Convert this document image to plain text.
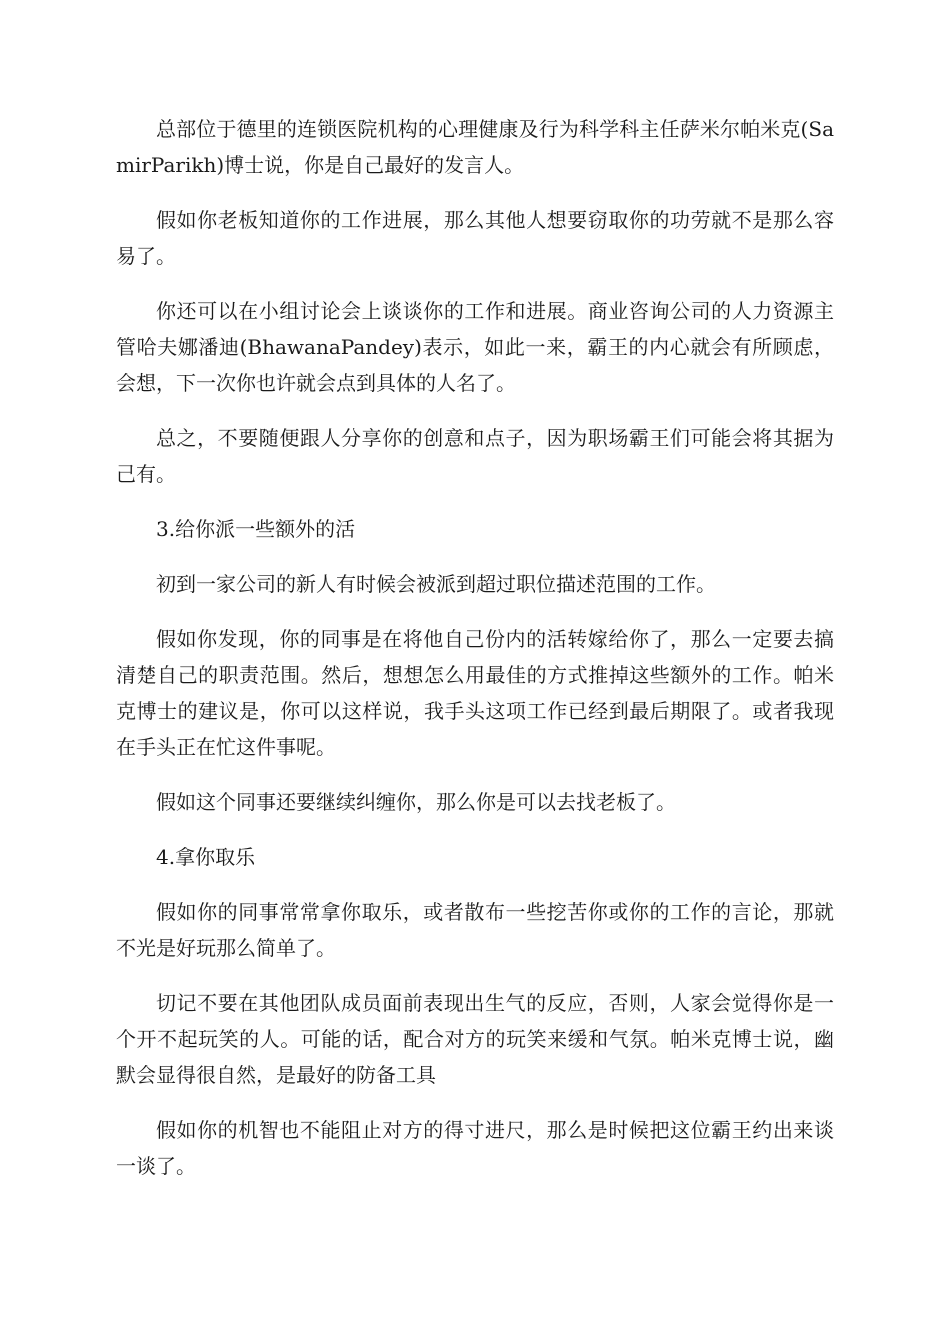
总部位于德里的连锁医院机构的心理健康及行为科学科主任萨米尔帕米克(SamirParikh)博士说，你是自己最好的发言人。

假如你老板知道你的工作进展，那么其他人想要窃取你的功劳就不是那么容易了。

你还可以在小组讨论会上谈谈你的工作和进展。商业咨询公司的人力资源主管哈夫娜潘迪(BhawanaPandey)表示，如此一来，霸王的内心就会有所顾虑，会想，下一次你也许就会点到具体的人名了。

总之，不要随便跟人分享你的创意和点子，因为职场霸王们可能会将其据为己有。

3.给你派一些额外的活

初到一家公司的新人有时候会被派到超过职位描述范围的工作。

假如你发现，你的同事是在将他自己份内的活转嫁给你了，那么一定要去搞清楚自己的职责范围。然后，想想怎么用最佳的方式推掉这些额外的工作。帕米克博士的建议是，你可以这样说，我手头这项工作已经到最后期限了。或者我现在手头正在忙这件事呢。

假如这个同事还要继续纠缠你，那么你是可以去找老板了。

4.拿你取乐

假如你的同事常常拿你取乐，或者散布一些挖苦你或你的工作的言论，那就不光是好玩那么简单了。

切记不要在其他团队成员面前表现出生气的反应，否则，人家会觉得你是一个开不起玩笑的人。可能的话，配合对方的玩笑来缓和气氛。帕米克博士说，幽默会显得很自然，是最好的防备工具

假如你的机智也不能阻止对方的得寸进尺，那么是时候把这位霸王约出来谈一谈了。
